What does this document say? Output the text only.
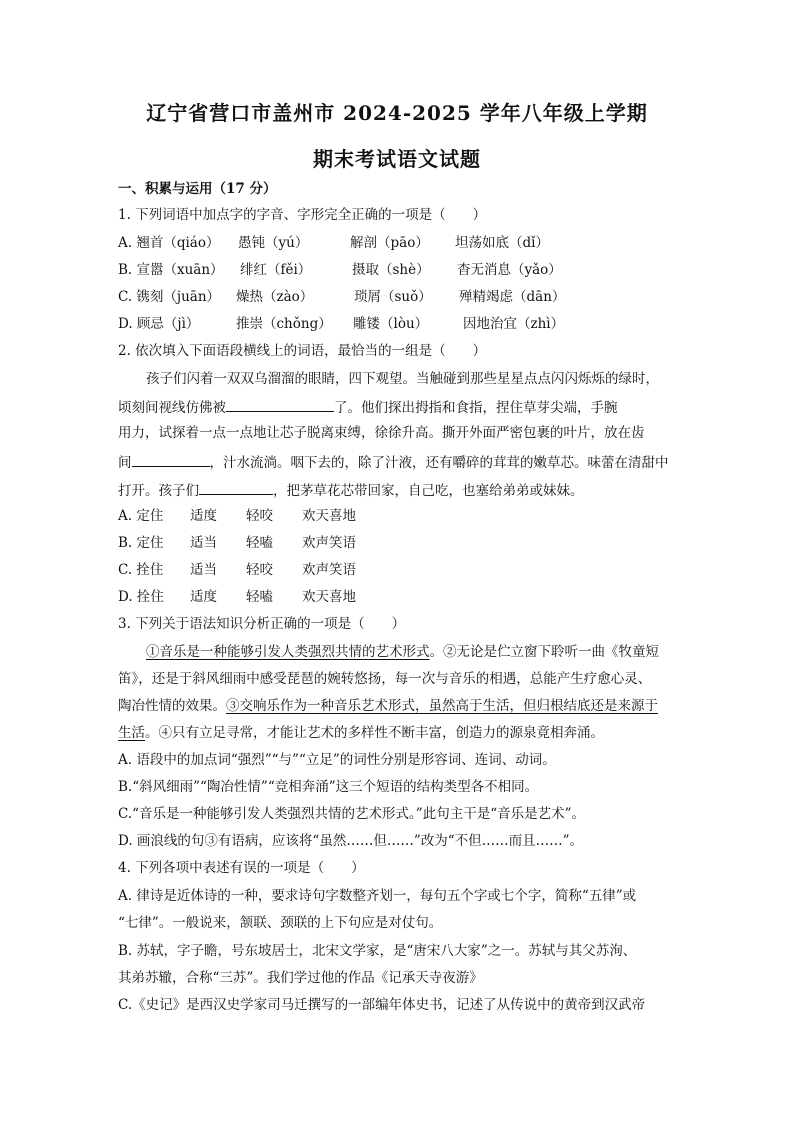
辽宁省营口市盖州市 2024-2025 学年八年级上学期
期末考试语文试题
一、积累与运用（17 分）
1. 下列词语中加点字的字音、字形完全正确的一项是（　　）
A. 翘首（qiáo） 愚钝（yú）	解剖（pāo） 坦荡如底（dǐ）
B. 宣嚣（xuān） 绯红（fěi）	摄取（shè） 杳无消息（yǎo）
C. 镌刻（juān） 燥热（zào）	琐屑（suǒ） 殚精竭虑（dān）
D. 顾忌（jì）	推崇（chǒng） 雕镂（lòu）	因地治宜（zhì）
2. 依次填入下面语段横线上的词语，最恰当的一组是（　　）
孩子们闪着一双双乌溜溜的眼睛，四下观望。当触碰到那些星星点点闪闪烁烁的绿时，
顷刻间视线仿佛被	了。他们探出拇指和食指，捏住草芽尖端，手腕
用力，试探着一点一点地让芯子脱离束缚，徐徐升高。撕开外面严密包裹的叶片，放在齿
间	，汁水流淌。咽下去的，除了汁液，还有嚼碎的茸茸的嫩草芯。味蕾在清甜中
打开。孩子们	，把茅草花芯带回家，自己吃，也塞给弟弟或妹妹。
A. 定住 适度 轻咬 欢天喜地
B. 定住 适当 轻嗑 欢声笑语
C. 拴住 适当 轻咬 欢声笑语
D. 拴住 适度 轻嗑 欢天喜地
3. 下列关于语法知识分析正确的一项是（　　）
①音乐是一种能够引发人类强烈共情的艺术形式。②无论是伫立窗下聆听一曲《牧童短
笛》，还是于斜风细雨中感受琵琶的婉转悠扬，每一次与音乐的相遇，总能产生疗愈心灵、
陶冶性情的效果。③交响乐作为一种音乐艺术形式，虽然高于生活，但归根结底还是来源于
生活。④只有立足寻常，才能让艺术的多样性不断丰富，创造力的源泉竟相奔涌。
A. 语段中的加点词“强烈”“与”“立足”的词性分别是形容词、连词、动词。
B.“斜风细雨”“陶冶性情”“竞相奔涌”这三个短语的结构类型各不相同。
C.“音乐是一种能够引发人类强烈共情的艺术形式。”此句主干是“音乐是艺术”。
D. 画浪线的句③有语病，应该将“虽然……但……”改为“不但……而且……”。
4. 下列各项中表述有误的一项是（　　）
A. 律诗是近体诗的一种，要求诗句字数整齐划一，每句五个字或七个字，简称“五律”或
“七律”。一般说来，颔联、颈联的上下句应是对仗句。
B. 苏轼，字子瞻，号东坡居士，北宋文学家，是“唐宋八大家”之一。苏轼与其父苏洵、
其弟苏辙，合称“三苏”。我们学过他的作品《记承天寺夜游》
C.《史记》是西汉史学家司马迁撰写的一部编年体史书，记述了从传说中的黄帝到汉武帝
